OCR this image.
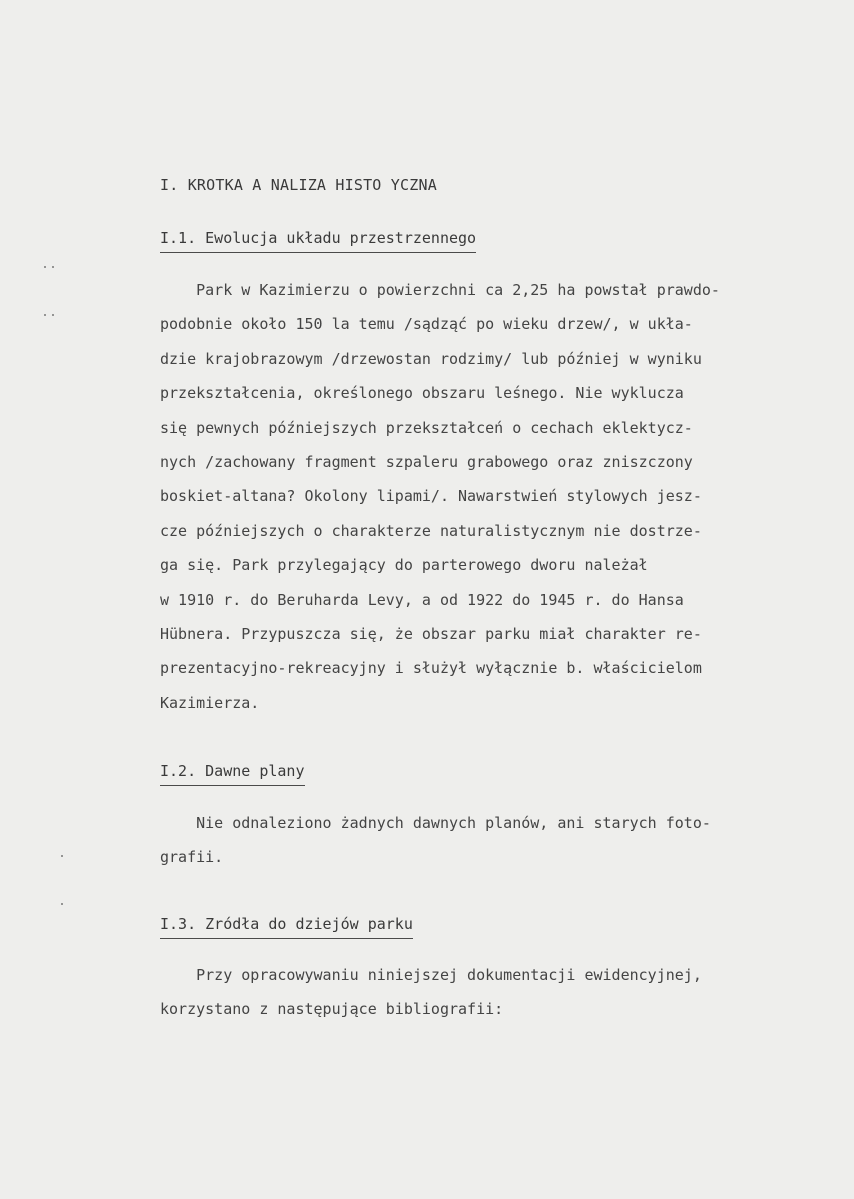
I. KROTKA A NALIZA HISTO YCZNA
I.1. Ewolucja układu przestrzennego
Park w Kazimierzu o powierzchni ca 2,25 ha powstał prawdo-
podobnie około 150 la temu /sądząć po wieku drzew/, w ukła-
dzie krajobrazowym /drzewostan rodzimy/ lub później w wyniku
przekształcenia, określonego obszaru leśnego. Nie wyklucza
się pewnych późniejszych przekształceń o cechach eklektycz-
nych /zachowany fragment szpaleru grabowego oraz zniszczony
boskiet-altana? Okolony lipami/. Nawarstwień stylowych jesz-
cze późniejszych o charakterze naturalistycznym nie dostrze-
ga się. Park przylegający do parterowego dworu należał
w 1910 r. do Beruharda Levy, a od 1922 do 1945 r. do Hansa
Hübnera. Przypuszcza się, że obszar parku miał charakter re-
prezentacyjno-rekreacyjny i służył wyłącznie b. właścicielom
Kazimierza.
I.2. Dawne plany
Nie odnaleziono żadnych dawnych planów, ani starych foto-
grafii.
I.3. Zródła do dziejów parku
Przy opracowywaniu niniejszej dokumentacji ewidencyjnej,
korzystano z następujące bibliografii:
